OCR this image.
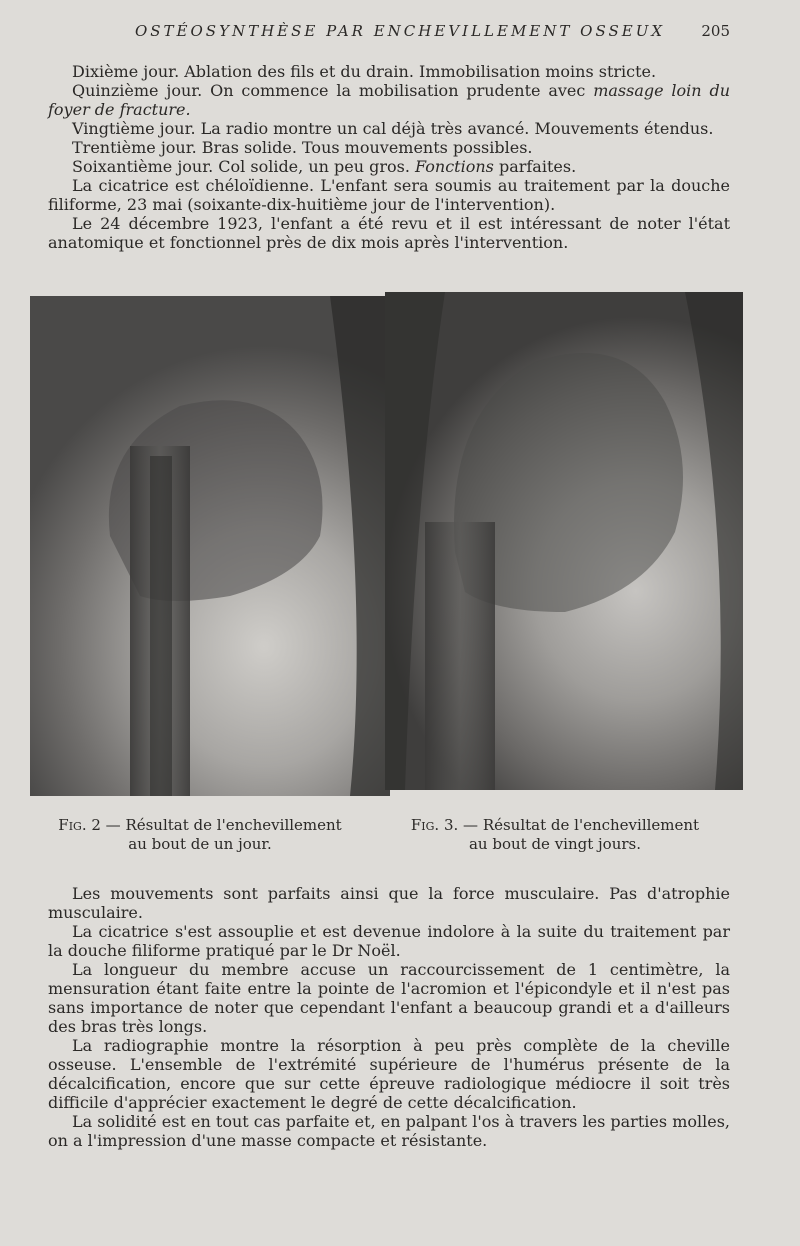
OSTÉOSYNTHÈSE PAR ENCHEVILLEMENT OSSEUX	205

Dixième jour. Ablation des fils et du drain. Immobilisation moins stricte.

Quinzième jour. On commence la mobilisation prudente avec massage loin du foyer de fracture.

Vingtième jour. La radio montre un cal déjà très avancé. Mouvements étendus.

Trentième jour. Bras solide. Tous mouvements possibles.

Soixantième jour. Col solide, un peu gros. Fonctions parfaites.

La cicatrice est chéloïdienne. L'enfant sera soumis au traitement par la douche filiforme, 23 mai (soixante-dix-huitième jour de l'intervention).

Le 24 décembre 1923, l'enfant a été revu et il est intéressant de noter l'état anatomique et fonctionnel près de dix mois après l'intervention.

Fig. 2 — Résultat de l'enchevillement au bout de un jour.
Fig. 3. — Résultat de l'enchevillement au bout de vingt jours.

Les mouvements sont parfaits ainsi que la force musculaire. Pas d'atrophie musculaire.

La cicatrice s'est assouplie et est devenue indolore à la suite du traitement par la douche filiforme pratiqué par le Dr Noël.

La longueur du membre accuse un raccourcissement de 1 centimètre, la mensuration étant faite entre la pointe de l'acromion et l'épicondyle et il n'est pas sans importance de noter que cependant l'enfant a beaucoup grandi et a d'ailleurs des bras très longs.

La radiographie montre la résorption à peu près complète de la cheville osseuse. L'ensemble de l'extrémité supérieure de l'humérus présente de la décalcification, encore que sur cette épreuve radiologique médiocre il soit très difficile d'apprécier exactement le degré de cette décalcification.

La solidité est en tout cas parfaite et, en palpant l'os à travers les parties molles, on a l'impression d'une masse compacte et résistante.
